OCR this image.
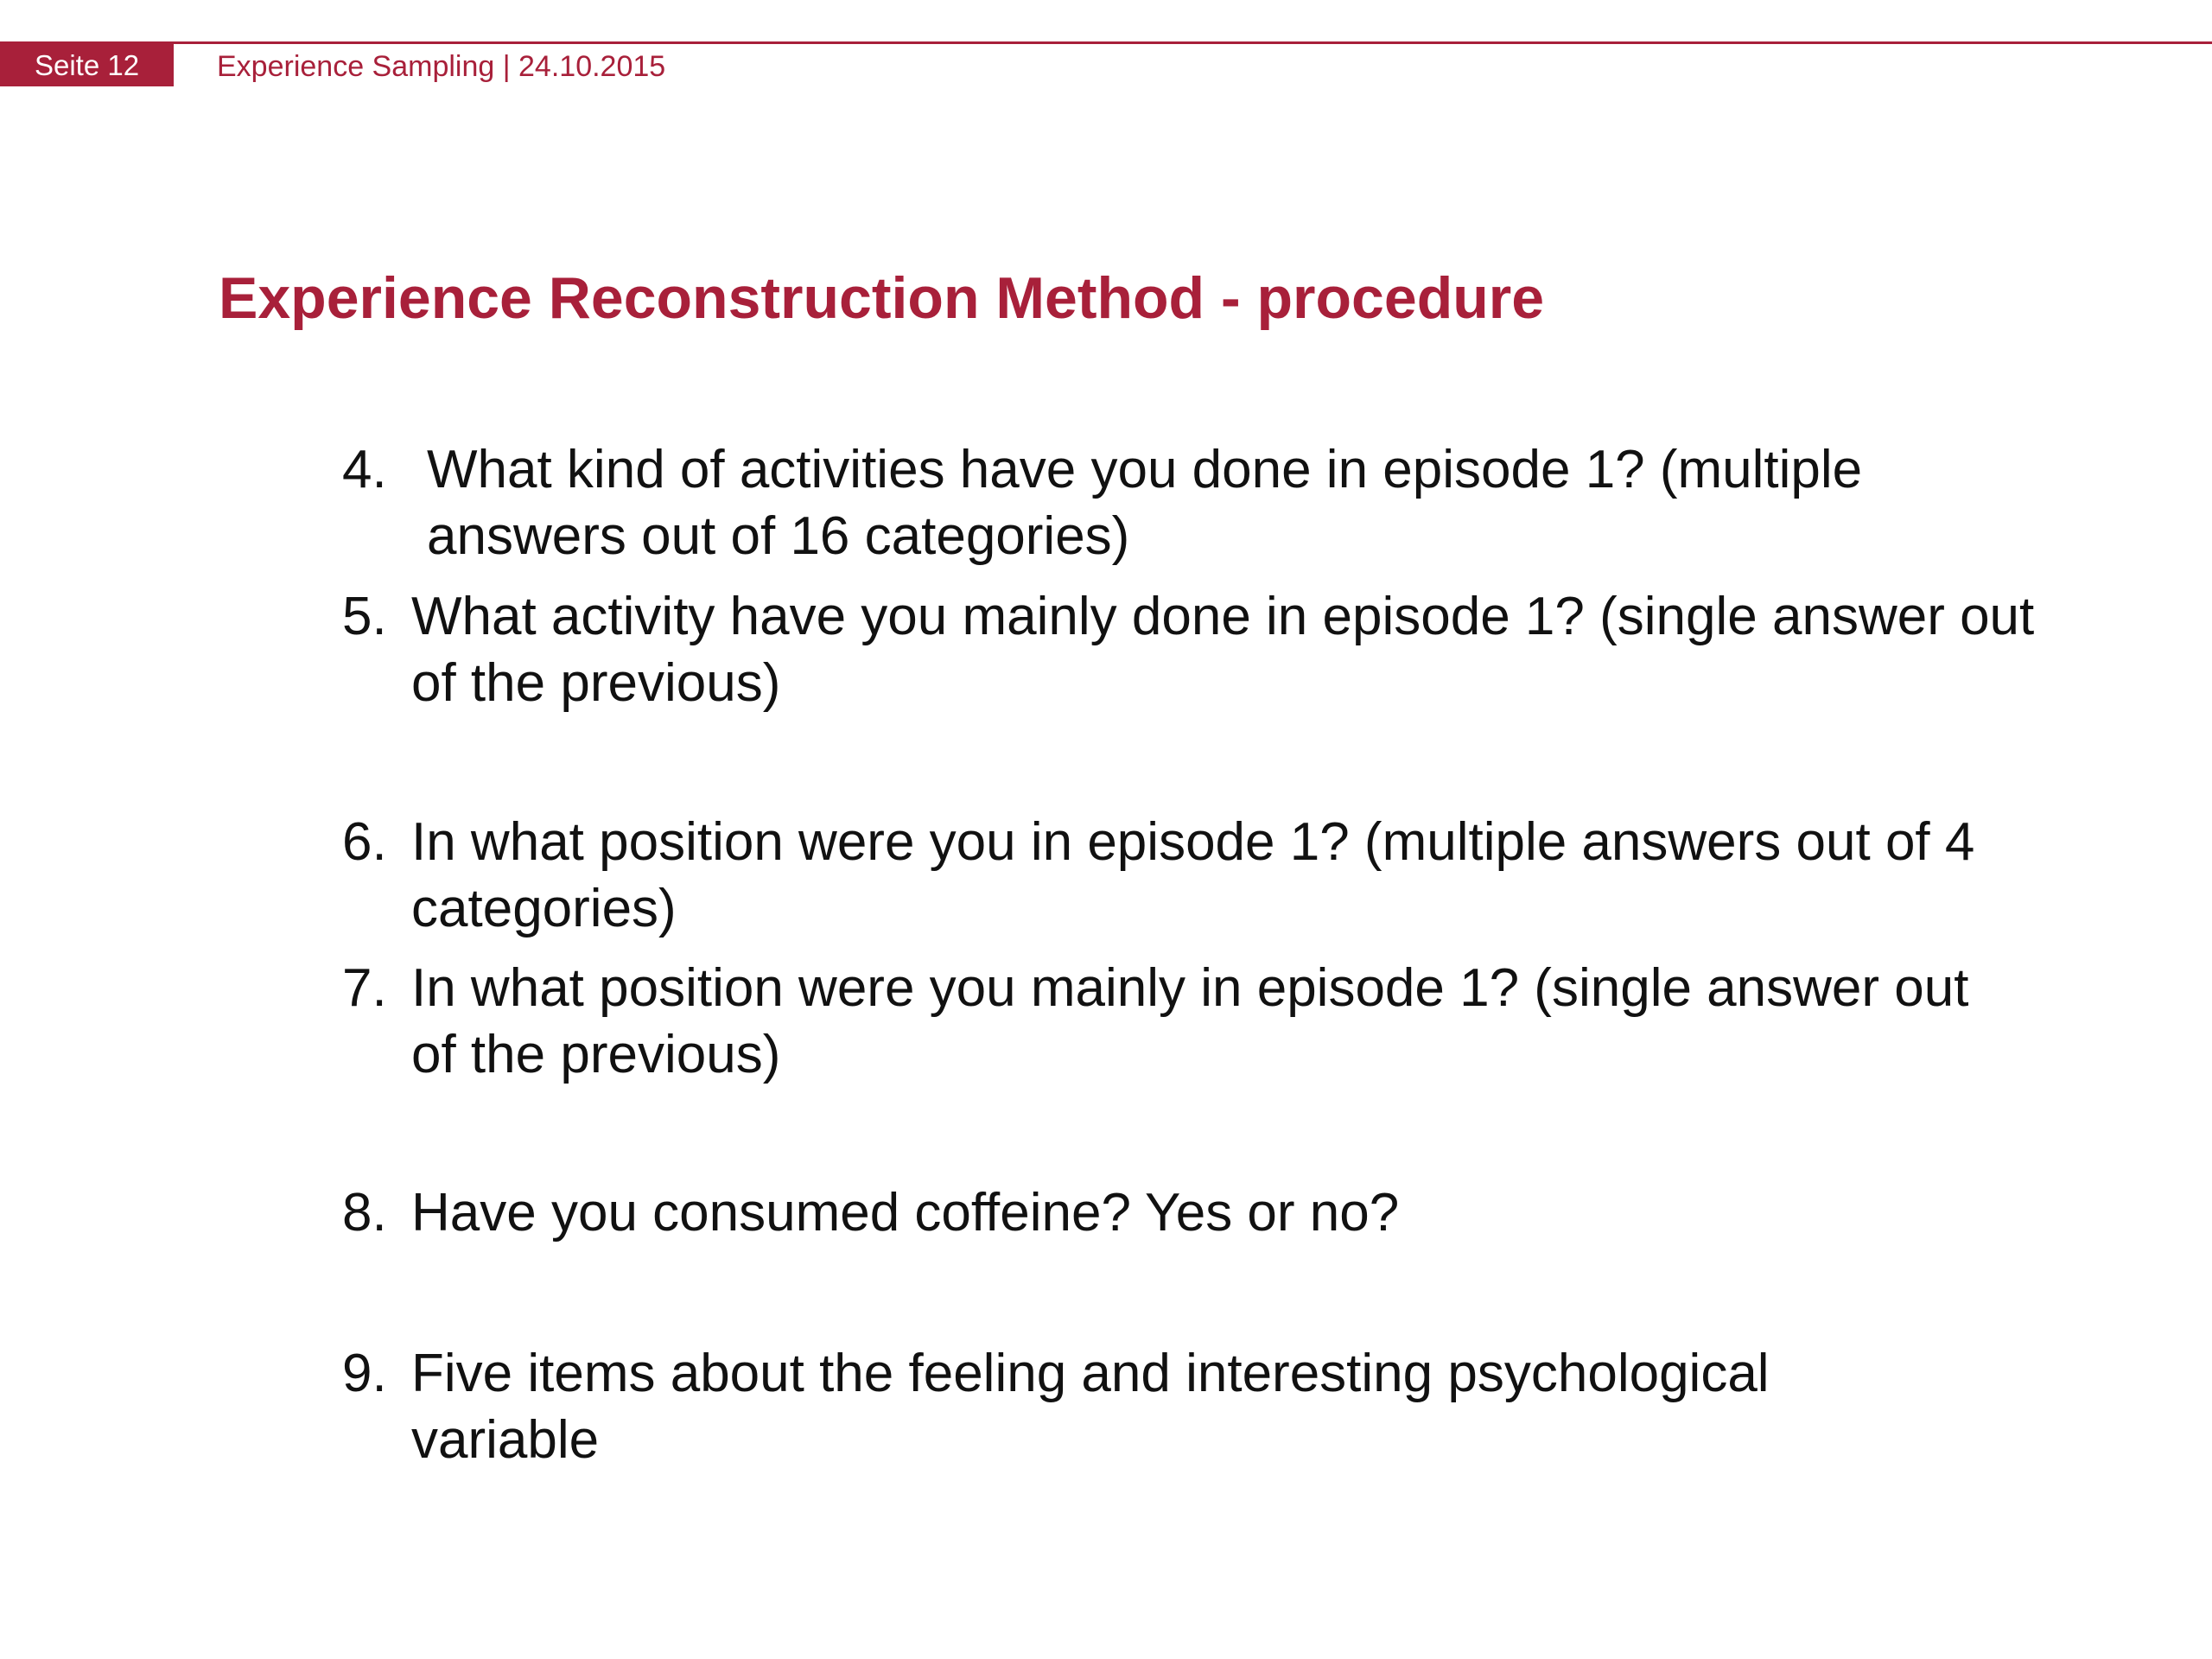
Seite 12	Experience Sampling | 24.10.2015
Experience Reconstruction Method - procedure
4. What kind of activities have you done in episode 1? (multiple answers out of 16 categories)
5. What activity have you mainly done in episode 1? (single answer out of the previous)
6. In what position were you in episode 1? (multiple answers out of 4 categories)
7. In what position were you mainly in episode 1? (single answer out of the previous)
8. Have you consumed coffeine? Yes or no?
9. Five items about the feeling and interesting psychological variable
